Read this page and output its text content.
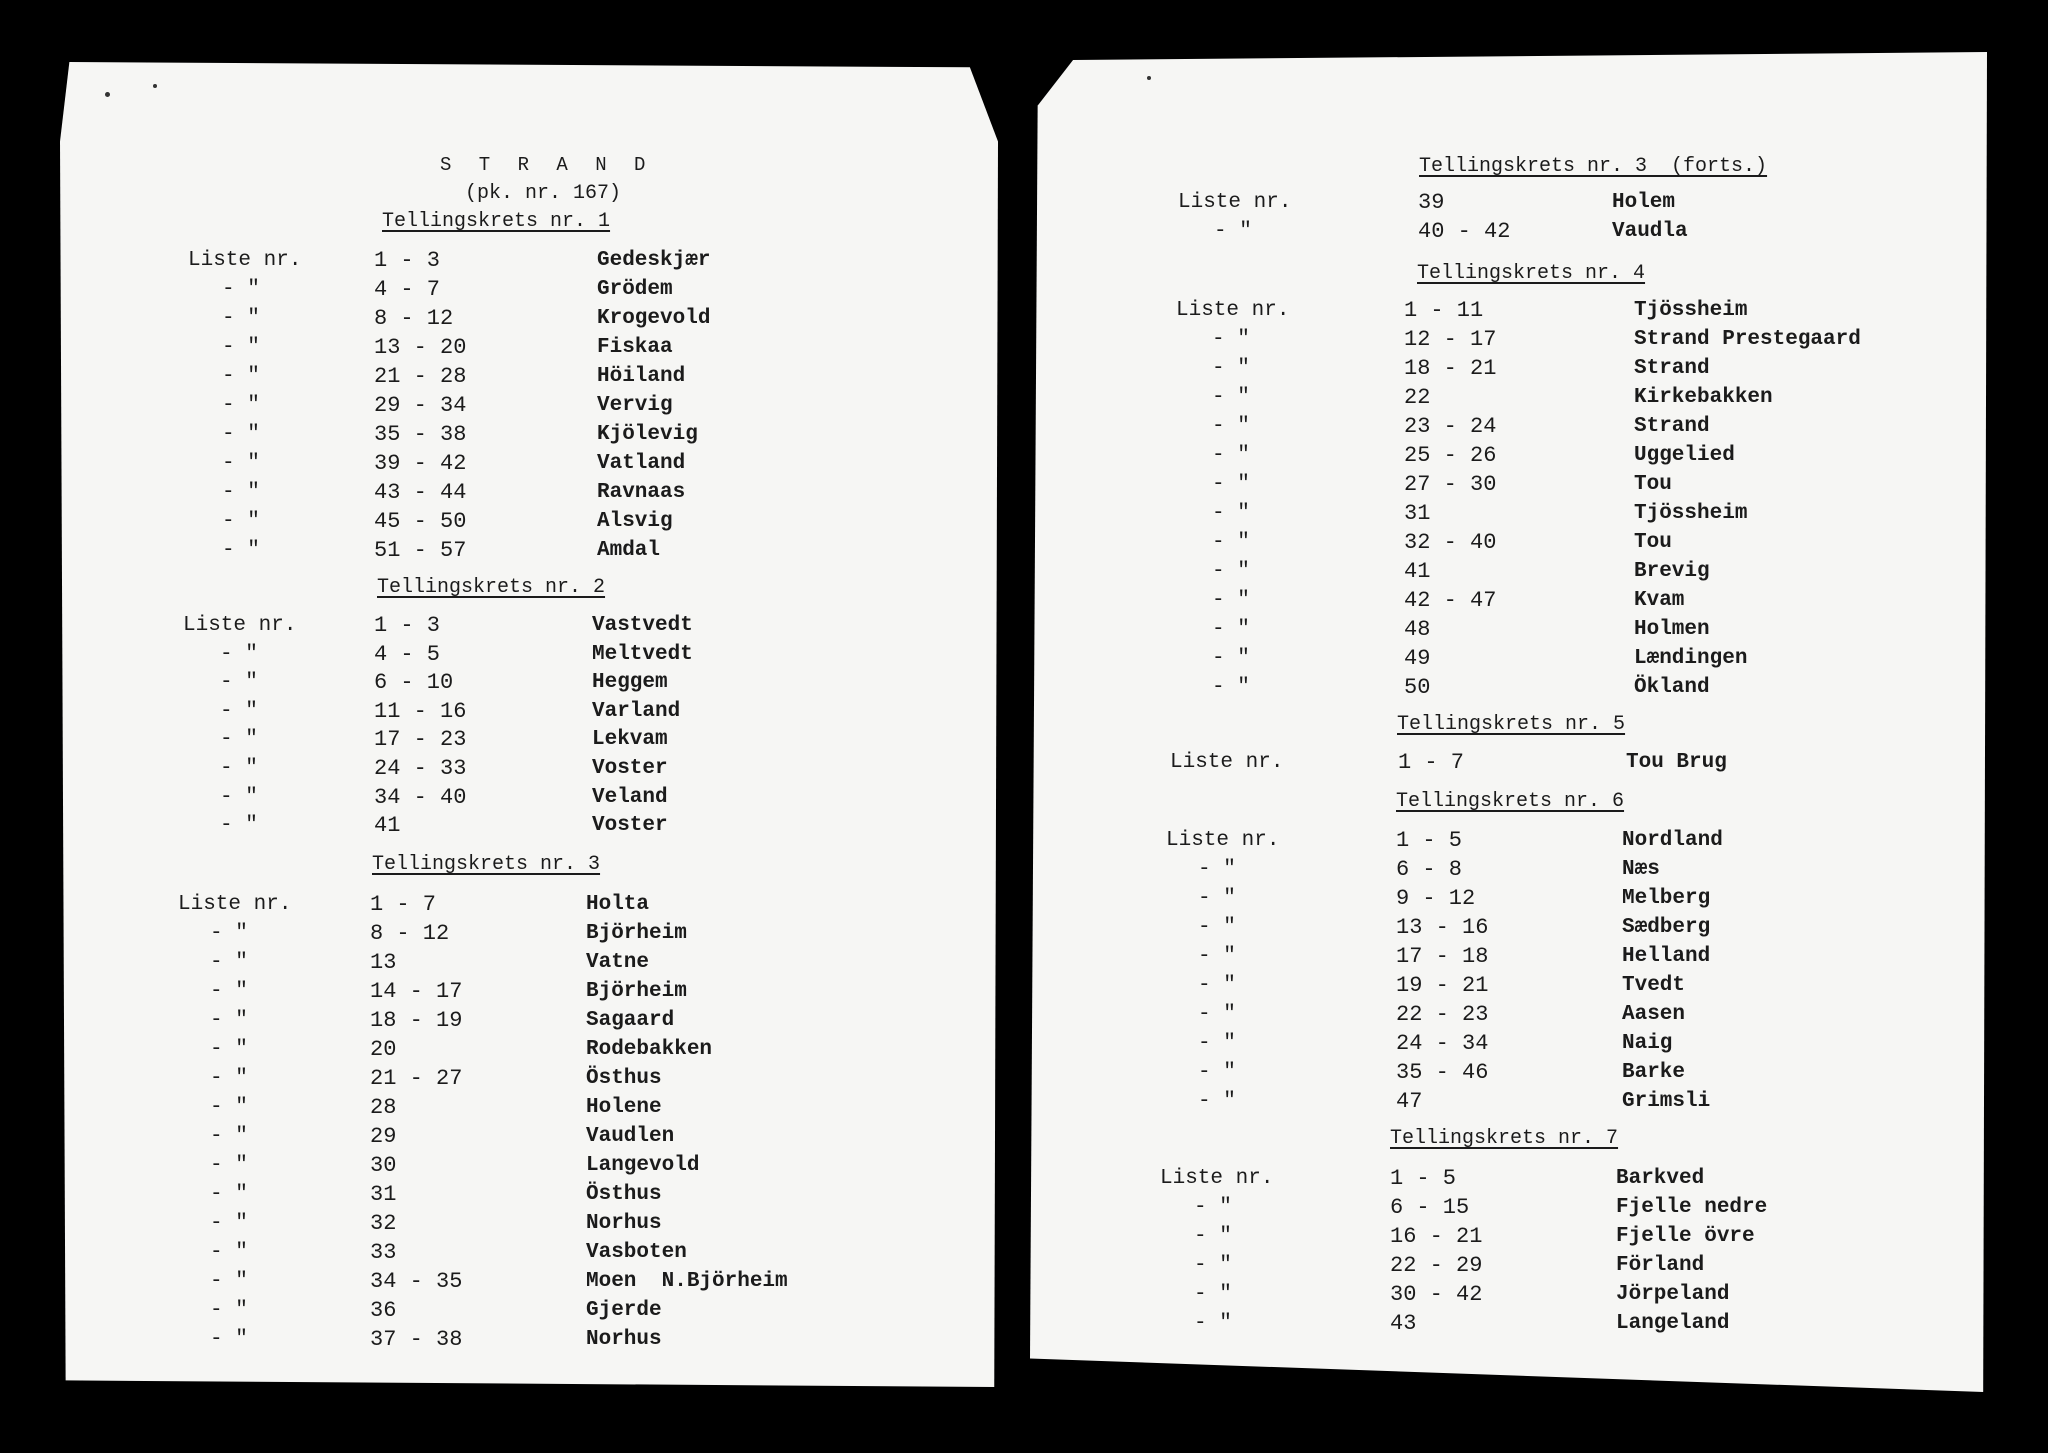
S T R A N D
(pk. nr. 167)
Tellingskrets nr. 1
Liste nr.	1 - 3	Gedeskjær
- "	4 - 7	Grödem
- "	8 - 12	Krogevold
- "	13 - 20	Fiskaa
- "	21 - 28	Höiland
- "	29 - 34	Vervig
- "	35 - 38	Kjölevig
- "	39 - 42	Vatland
- "	43 - 44	Ravnaas
- "	45 - 50	Alsvig
- "	51 - 57	Amdal
Tellingskrets nr. 2
Liste nr.	1 - 3	Vastvedt
- "	4 - 5	Meltvedt
- "	6 - 10	Heggem
- "	11 - 16	Varland
- "	17 - 23	Lekvam
- "	24 - 33	Voster
- "	34 - 40	Veland
- "	41	Voster
Tellingskrets nr. 3
Liste nr.	1 - 7	Holta
- "	8 - 12	Björheim
- "	13	Vatne
- "	14 - 17	Björheim
- "	18 - 19	Sagaard
- "	20	Rodebakken
- "	21 - 27	Östhus
- "	28	Holene
- "	29	Vaudlen
- "	30	Langevold
- "	31	Östhus
- "	32	Norhus
- "	33	Vasboten
- "	34 - 35	Moen  N.Björheim
- "	36	Gjerde
- "	37 - 38	Norhus
Tellingskrets nr. 3  (forts.)
Liste nr.	39	Holem
- "	40 - 42	Vaudla
Tellingskrets nr. 4
Liste nr.	1 - 11	Tjössheim
- "	12 - 17	Strand Prestegaard
- "	18 - 21	Strand
- "	22	Kirkebakken
- "	23 - 24	Strand
- "	25 - 26	Uggelied
- "	27 - 30	Tou
- "	31	Tjössheim
- "	32 - 40	Tou
- "	41	Brevig
- "	42 - 47	Kvam
- "	48	Holmen
- "	49	Lændingen
- "	50	Ökland
Tellingskrets nr. 5
Liste nr.	1 - 7	Tou Brug
Tellingskrets nr. 6
Liste nr.	1 - 5	Nordland
- "	6 - 8	Næs
- "	9 - 12	Melberg
- "	13 - 16	Sædberg
- "	17 - 18	Helland
- "	19 - 21	Tvedt
- "	22 - 23	Aasen
- "	24 - 34	Naig
- "	35 - 46	Barke
- "	47	Grimsli
Tellingskrets nr. 7
Liste nr.	1 - 5	Barkved
- "	6 - 15	Fjelle nedre
- "	16 - 21	Fjelle övre
- "	22 - 29	Förland
- "	30 - 42	Jörpeland
- "	43	Langeland
